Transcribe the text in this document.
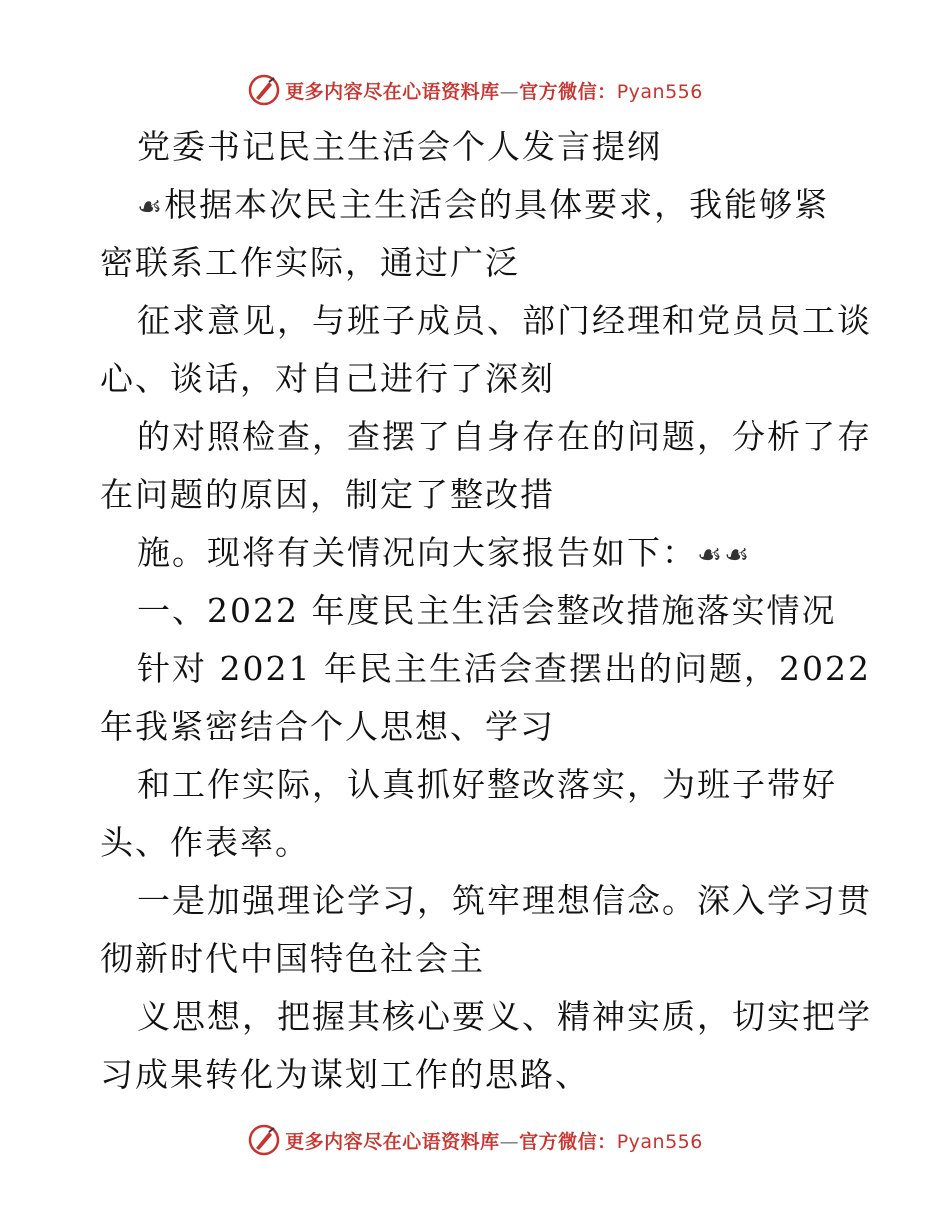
更多内容尽在心语资料库—官方微信：Pyan556
党委书记民主生活会个人发言提纲
☙根据本次民主生活会的具体要求，我能够紧
密联系工作实际，通过广泛
征求意见，与班子成员、部门经理和党员员工谈
心、谈话，对自己进行了深刻
的对照检查，查摆了自身存在的问题，分析了存
在问题的原因，制定了整改措
施。现将有关情况向大家报告如下：☙☙
一、2022 年度民主生活会整改措施落实情况
针对 2021 年民主生活会查摆出的问题，2022
年我紧密结合个人思想、学习
和工作实际，认真抓好整改落实，为班子带好
头、作表率。
一是加强理论学习，筑牢理想信念。深入学习贯
彻新时代中国特色社会主
义思想，把握其核心要义、精神实质，切实把学
习成果转化为谋划工作的思路、
更多内容尽在心语资料库—官方微信：Pyan556
